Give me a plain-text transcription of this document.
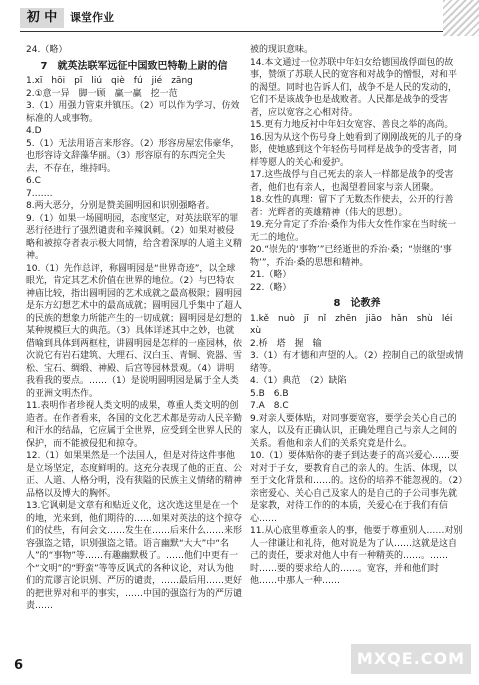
初 中	课堂作业

24.（略）

7　就英法联军远征中国致巴特勒上尉的信

1.xī　hōi　pī　liú　qiè　fú　jié　zāng

2.①意一异　脚一顾　赢一赢　挖一范

3.（1）用强力管束并镇压。（2）可以作为学习、仿效标准的人或事物。

4.D

5.（1）无法用语言来形容。（2）形容房屋宏伟豪华，也形容诗文辞藻华丽。（3）形容原有的东西完全失去，不存在，维持吗。

6.C

7.……

8.两大恶分，分别是赞美圆明园和识别强略者。

9.（1）如果一场圆明园，态度坚定，对英法联军的罪恶行径进行了强烈谴责和辛辣讽刺。（2）如果对被侵略和被掠夺者表示极大同情，给含着深厚的人道主义精神。

10.（1）先作总评，称圆明园是“世界奇迹”，以全球眼光，肯定其艺术价值在世界的地位。（2）与巴特农神庙比较，指出圆明园的艺术成就之最高极限；圆明园是东方幻想艺术中的最高成就；圆明园几乎集中了超人的民族的想象力所能产生的一切成就；圆明园是幻想的某种规模巨大的典范。（3）具体详述其中之妙，也就借喻到具体到两框柱，讲圆明园是怎样的一座园林，依次说它有岩石建筑、大理石、汉白玉、青铜、瓷器、雪松、宝石、绸缎、神殿、后宫等园林景观。（4）讲明我看我的要点。……（1）是说明圆明园是属于全人类的亚洲文明杰作。

11.表明作者珍视人类文明的成果，尊重人类文明的创造者。在作者看来，各国的文化艺术都是劳动人民辛勤和汗水的结晶，它应属于全世界，应受到全世界人民的保护，而不能被侵犯和掠夺。

12.（1）如果果然是一个法国人，但是对待这件事他是立场坚定，态度鲜明的。这充分表现了他的正直、公正、人道、人格分明，没有狭隘的民族主义情绪的精神品格以及博大的胸怀。

13.它讽刺是文章有和贴近义化，这次选这里是在一个的地，光来到，他们期待的……如果对英法的这个掠夺们的仗些，有问会文……发生在……后来什么……来形容强盗之错，识别强盗之错。语言幽默“大大”中“名人”的“事物”等……有趣幽默极了。……他们中更有一个“文明”的“野蛮”等等反讽式的各种议论，对认为他们的荒谬言论识别、严厉的谴责，……最后用……更好的把世界对和平的事实，……中国的强盗行为的严厉谴责……

被的现识意味。

14.本文通过一位苏联中年妇女给德国战俘面包的故事，赞颂了苏联人民的宽容和对战争的憎恨，对和平的渴望。同时也告诉人们，战争不是人民的发动的，它们不是该战争也是战败者。人民都是战争的受害者，应以宽容之心相对待。

15.更有力地反衬中年妇女宽容、善良之举的高尚。

16.因为从这个伤号身上她看到了刚刚战死的儿子的身影，使她感到这个年轻伤号同样是战争的受害者，同样等愿人的关心和爱护。

17.这些战俘与自己死去的亲人一样都是战争的受害者，他们也有亲人，也渴望着回家与亲人团聚。

18.女性的真理：留下了无数杰作使去，公开的行善者：光辉者的英雄精神（伟大的思想）。

19.充分肯定了乔治·桑作为伟大女性作家在当时统一无二的地位。

20.“崇先的‘事物’”已经逝世的乔治·桑；“崇继的‘事物’”，乔治·桑的思想和精神。

21.（略）

22.（略）

8　论教养

1.kě　nuò　jī　nǐ　zhēn　jiāo　hǎn　shù　léi　xù

2.桥　塔　握　输

3.（1）有才德和声望的人。（2）控制自己的欲望或情绪等。

4.（1）典范　（2）缺陷

5.B　6.B

7.A　8.C

9.对亲人要体贴，对同事要宽容，要学会关心自己的家人，以及有正确认识，正确处理自己与亲人之间的关系。看他和亲人们的关系究竟是什么。

10.（1）要体贴你的妻子到达妻子的高兴爱心……要对对于子女，要教育自己的亲人的。生活、体现，以至于文化背景和……的。这份的培养不能忽视的。（2）亲密爱心、关心自己及家人的是自己的子公司事先就是家教，对待工作的的本质，关爱心在于我们有信心……

11.从心底里尊重亲人的事，他要于尊重别人……对别人一律谦让和礼待，他对说是为了认……这就是这自己的责任，要求对他人中有一种精英的……。……时……要的要求给人的……。宽容，并和他们时他……中那人一种……

6	MXQE.COM
